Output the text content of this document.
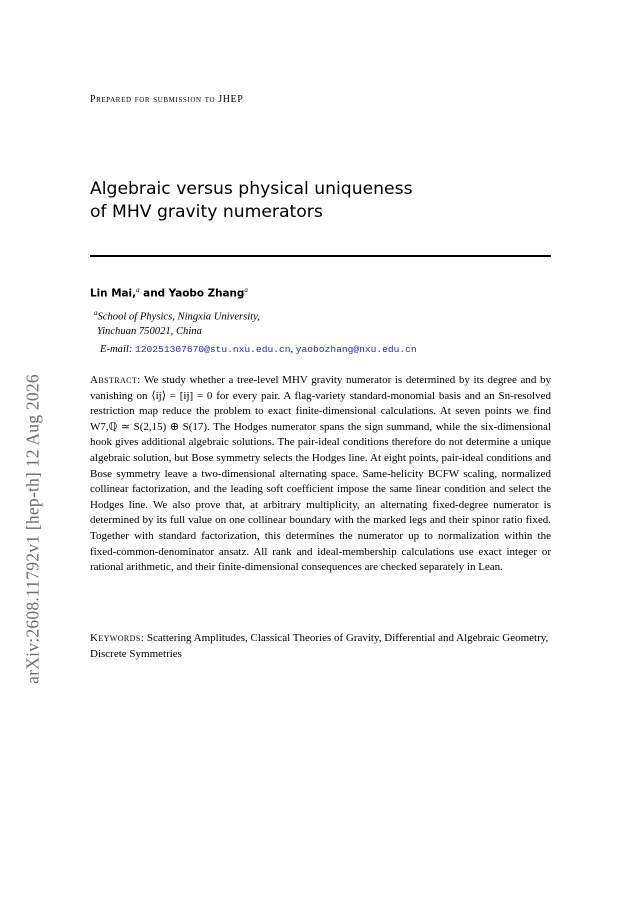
arXiv:2608.11792v1 [hep-th] 12 Aug 2026
Prepared for submission to JHEP
Algebraic versus physical uniqueness
of MHV gravity numerators
Lin Mai,$^a$ and Yaobo Zhang$^a$
$^a$School of Physics, Ningxia University,
Yinchuan 750021, China
E-mail: 120251307670@stu.nxu.edu.cn, yaobozhang@nxu.edu.cn

Abstract: We study whether a tree-level MHV gravity numerator is determined by its degree and by vanishing on ⟨ij⟩ = [ij] = 0 for every pair. A flag-variety standard-monomial basis and an Sn-resolved restriction map reduce the problem to exact finite-dimensional calculations. At seven points we find W7,ℚ ≃ S(2,15) ⊕ S(17). The Hodges numerator spans the sign summand, while the six-dimensional hook gives additional algebraic solutions. The pair-ideal conditions therefore do not determine a unique algebraic solution, but Bose symmetry selects the Hodges line. At eight points, pair-ideal conditions and Bose symmetry leave a two-dimensional alternating space. Same-helicity BCFW scaling, normalized collinear factorization, and the leading soft coefficient impose the same linear condition and select the Hodges line. We also prove that, at arbitrary multiplicity, an alternating fixed-degree numerator is determined by its full value on one collinear boundary with the marked legs and their spinor ratio fixed. Together with standard factorization, this determines the numerator up to normalization within the fixed-common-denominator ansatz. All rank and ideal-membership calculations use exact integer or rational arithmetic, and their finite-dimensional consequences are checked separately in Lean.

Keywords: Scattering Amplitudes, Classical Theories of Gravity, Differential and Algebraic Geometry, Discrete Symmetries
